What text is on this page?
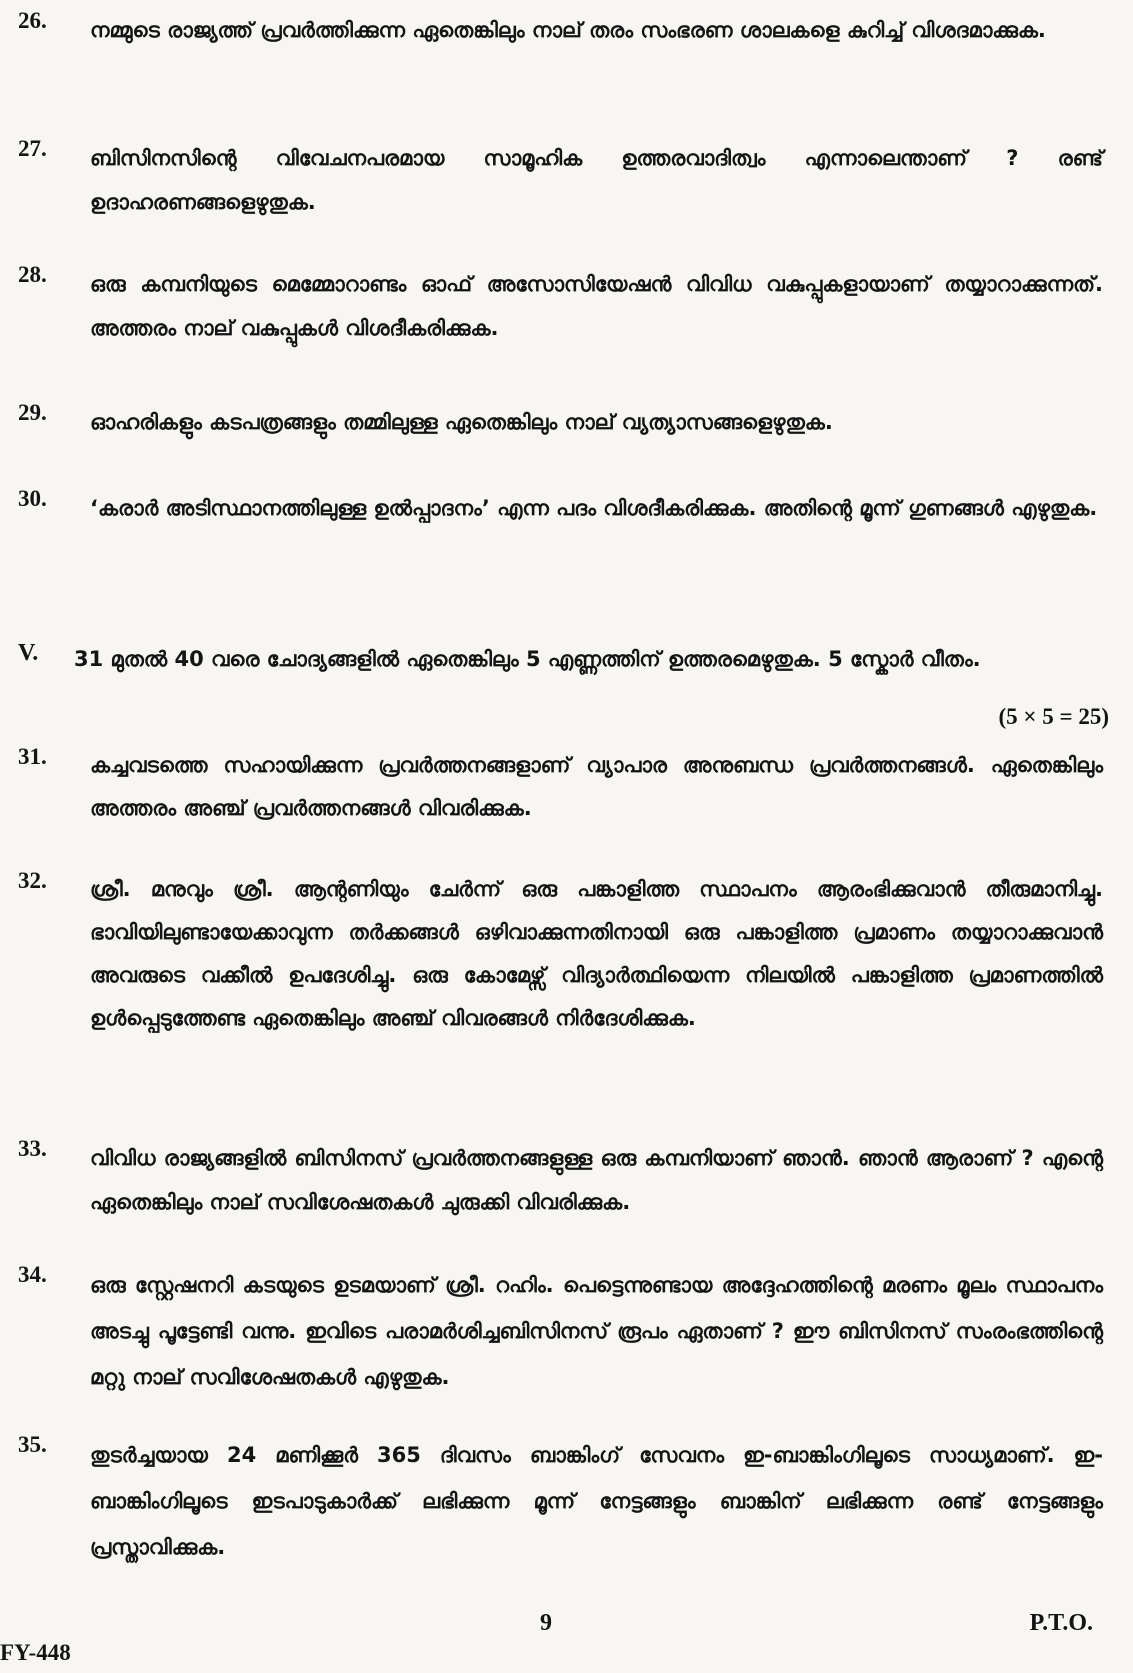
26. നമ്മുടെ രാജ്യത്ത് പ്രവർത്തിക്കുന്ന ഏതെങ്കിലും നാല് തരം സംഭരണ ശാലകളെ കുറിച്ച് വിശദമാക്കുക.
27. ബിസിനസിന്റെ വിവേചനപരമായ സാമൂഹിക ഉത്തരവാദിത്വം എന്നാലെന്താണ് ? രണ്ട് ഉദാഹരണങ്ങളെഴുതുക.
28. ഒരു കമ്പനിയുടെ മെമ്മോറാണ്ടം ഓഫ് അസോസിയേഷൻ വിവിധ വകുപ്പുകളായാണ് തയ്യാറാക്കുന്നത്. അത്തരം നാല് വകുപ്പുകൾ വിശദീകരിക്കുക.
29. ഓഹരികളും കടപത്രങ്ങളും തമ്മിലുള്ള ഏതെങ്കിലും നാല് വ്യത്യാസങ്ങളെഴുതുക.
30. ‘കരാർ അടിസ്ഥാനത്തിലുള്ള ഉൽപ്പാദനം’ എന്ന പദം വിശദീകരിക്കുക. അതിന്റെ മൂന്ന് ഗുണങ്ങൾ എഴുതുക.
V. 31 മുതൽ 40 വരെ ചോദ്യങ്ങളിൽ ഏതെങ്കിലും 5 എണ്ണത്തിന് ഉത്തരമെഴുതുക. 5 സ്കോർ വീതം.
(5 × 5 = 25)
31. കച്ചവടത്തെ സഹായിക്കുന്ന പ്രവർത്തനങ്ങളാണ് വ്യാപാര അനുബന്ധ പ്രവർത്തനങ്ങൾ. ഏതെങ്കിലും അത്തരം അഞ്ച് പ്രവർത്തനങ്ങൾ വിവരിക്കുക.
32. ശ്രീ. മനുവും ശ്രീ. ആന്റണിയും ചേർന്ന് ഒരു പങ്കാളിത്ത സ്ഥാപനം ആരംഭിക്കുവാൻ തീരുമാനിച്ചു. ഭാവിയിലുണ്ടായേക്കാവുന്ന തർക്കങ്ങൾ ഒഴിവാക്കുന്നതിനായി ഒരു പങ്കാളിത്ത പ്രമാണം തയ്യാറാക്കുവാൻ അവരുടെ വക്കീൽ ഉപദേശിച്ചു. ഒരു കോമേഴ്സ് വിദ്യാർത്ഥിയെന്ന നിലയിൽ പങ്കാളിത്ത പ്രമാണത്തിൽ ഉൾപ്പെടുത്തേണ്ട ഏതെങ്കിലും അഞ്ച് വിവരങ്ങൾ നിർദേശിക്കുക.
33. വിവിധ രാജ്യങ്ങളിൽ ബിസിനസ് പ്രവർത്തനങ്ങളുള്ള ഒരു കമ്പനിയാണ് ഞാൻ. ഞാൻ ആരാണ് ? എന്റെ ഏതെങ്കിലും നാല് സവിശേഷതകൾ ചുരുക്കി വിവരിക്കുക.
34. ഒരു സ്റ്റേഷനറി കടയുടെ ഉടമയാണ് ശ്രീ. റഹിം. പെട്ടെന്നുണ്ടായ അദ്ദേഹത്തിന്റെ മരണം മൂലം സ്ഥാപനം അടച്ചു പൂട്ടേണ്ടി വന്നു. ഇവിടെ പരാമർശിച്ചബിസിനസ് രൂപം ഏതാണ് ? ഈ ബിസിനസ് സംരംഭത്തിന്റെ മറ്റു നാല് സവിശേഷതകൾ എഴുതുക.
35. തുടർച്ചയായ 24 മണിക്കൂർ 365 ദിവസം ബാങ്കിംഗ് സേവനം ഇ-ബാങ്കിംഗിലൂടെ സാധ്യമാണ്. ഇ-ബാങ്കിംഗിലൂടെ ഇടപാടുകാർക്ക് ലഭിക്കുന്ന മൂന്ന് നേട്ടങ്ങളും ബാങ്കിന് ലഭിക്കുന്ന രണ്ട് നേട്ടങ്ങളും പ്രസ്താവിക്കുക.
9	P.T.O.
FY-448
